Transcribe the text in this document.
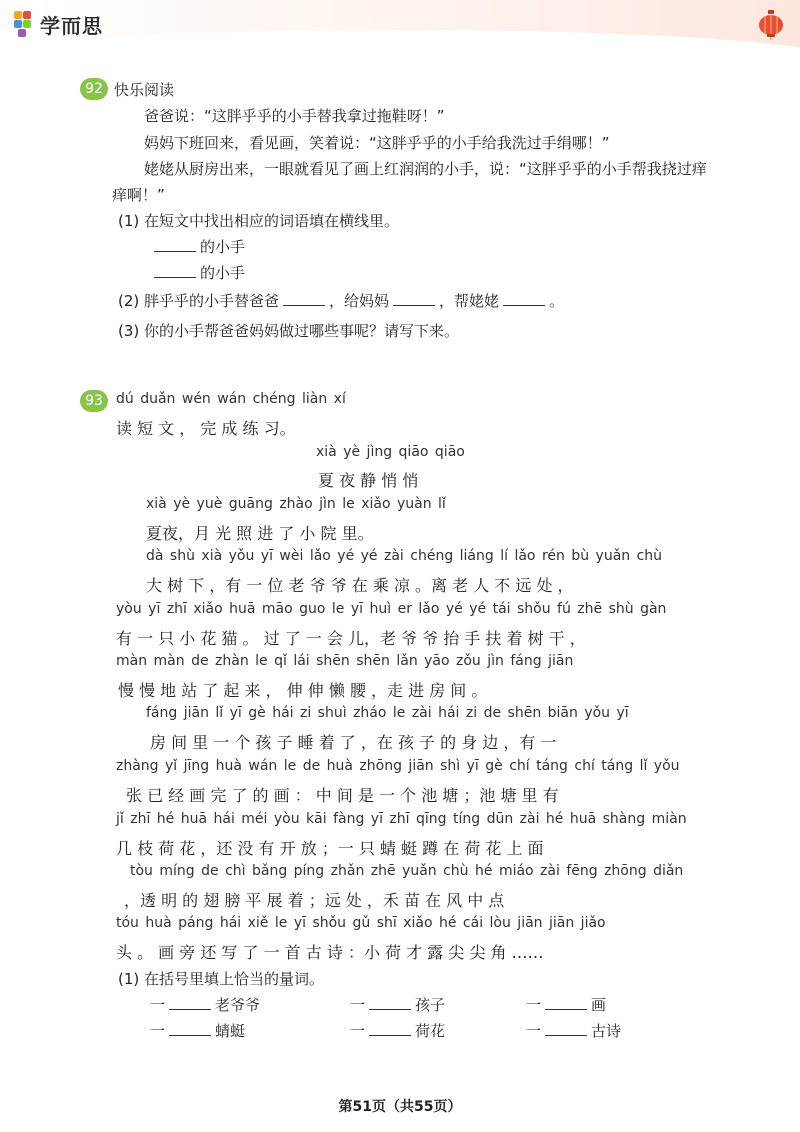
学而思
92 快乐阅读
爸爸说：“这胖乎乎的小手替我拿过拖鞋呀！”
妈妈下班回来，看见画，笑着说：“这胖乎乎的小手给我洗过手绢哪！”
姥姥从厨房出来，一眼就看见了画上红润润的小手，说：“这胖乎乎的小手帮我挠过痒
痒啊！”
(1) 在短文中找出相应的词语填在横线里。
的小手
的小手
(2) 胖乎乎的小手替爸爸	，给妈妈	，帮姥姥	。
(3) 你的小手帮爸爸妈妈做过哪些事呢？请写下来。
93 dú duǎn wén wán chéng liàn xí
读 短 文 ， 完 成 练 习。
xià yè jìng qiāo qiāo
夏 夜 静 悄 悄
xià yè yuè guāng zhào jìn le xiǎo yuàn lǐ
夏夜，月 光 照 进 了 小 院 里。
dà shù xià yǒu yī wèi lǎo yé yé zài chéng liáng lí lǎo rén bù yuǎn chù
大 树 下 ，有 一 位 老 爷 爷 在 乘 凉 。离 老 人 不 远 处 ，
yòu yī zhī xiǎo huā māo guo le yī huì er lǎo yé yé tái shǒu fú zhē shù gàn
有 一 只 小 花 猫 。 过 了 一 会 儿，老 爷 爷 抬 手 扶 着 树 干 ，
màn màn de zhàn le qǐ lái shēn shēn lǎn yāo zǒu jìn fáng jiān
慢 慢 地 站 了 起 来 ， 伸 伸 懒 腰 ，走 进 房 间 。
fáng jiān lǐ yī gè hái zi shuì zháo le zài hái zi de shēn biān yǒu yī
房 间 里 一 个 孩 子 睡 着 了 ，在 孩 子 的 身 边 ，有 一
zhàng yǐ jīng huà wán le de huà zhōng jiān shì yī gè chí táng chí táng lǐ yǒu
张 已 经 画 完 了 的 画 ： 中 间 是 一 个 池 塘 ；池 塘 里 有
jǐ zhī hé huā hái méi yòu kāi fàng yī zhī qīng tíng dūn zài hé huā shàng miàn
几 枝 荷 花 ，还 没 有 开 放 ；一 只 蜻 蜓 蹲 在 荷 花 上 面
tòu míng de chì bǎng píng zhǎn zhē yuǎn chù hé miáo zài fēng zhōng diǎn
，透 明 的 翅 膀 平 展 着 ；远 处 ，禾 苗 在 风 中 点
tóu huà páng hái xiě le yī shǒu gǔ shī xiǎo hé cái lòu jiān jiān jiǎo
头 。 画 旁 还 写 了 一 首 古 诗 ：小 荷 才 露 尖 尖 角 ……
(1) 在括号里填上恰当的量词。
一	老爷爷	一	孩子	一	画
一	蜻蜓	一	荷花	一	古诗
第51页（共55页）
